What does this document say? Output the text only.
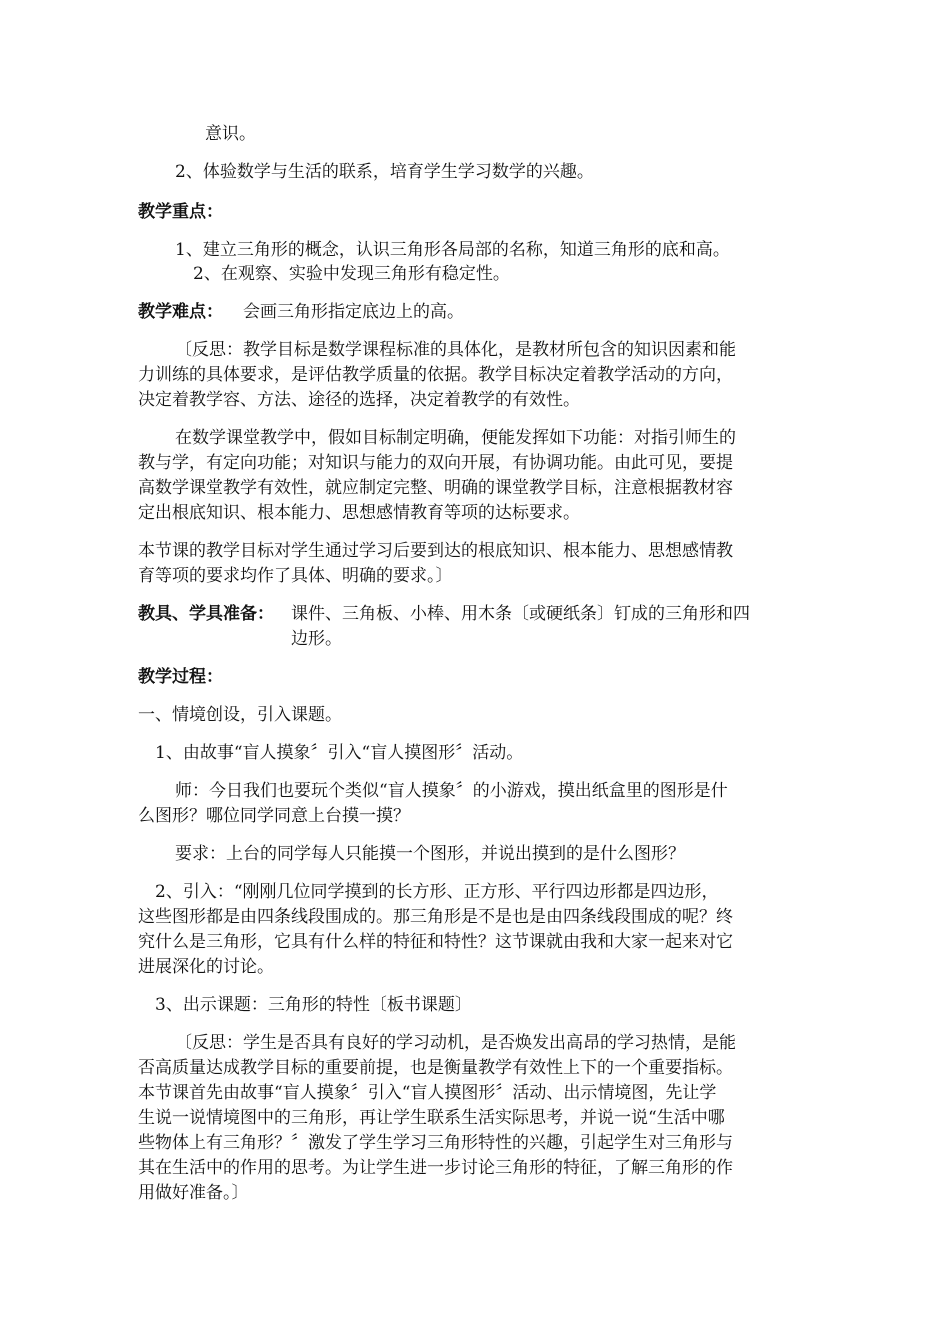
意识。
2、体验数学与生活的联系，培育学生学习数学的兴趣。
教学重点：
1、建立三角形的概念，认识三角形各局部的名称，知道三角形的底和高。
2、在观察、实验中发现三角形有稳定性。
教学难点： 会画三角形指定底边上的高。
〔反思：教学目标是数学课程标准的具体化，是教材所包含的知识因素和能
力训练的具体要求，是评估教学质量的依据。教学目标决定着教学活动的方向，
决定着教学容、方法、途径的选择，决定着教学的有效性。
在数学课堂教学中，假如目标制定明确，便能发挥如下功能：对指引师生的
教与学，有定向功能；对知识与能力的双向开展，有协调功能。由此可见，要提
高数学课堂教学有效性，就应制定完整、明确的课堂教学目标，注意根据教材容
定出根底知识、根本能力、思想感情教育等项的达标要求。
本节课的教学目标对学生通过学习后要到达的根底知识、根本能力、思想感情教
育等项的要求均作了具体、明确的要求。〕
教具、学具准备： 课件、三角板、小棒、用木条〔或硬纸条〕钉成的三角形和四
边形。
教学过程：
一、情境创设，引入课题。
1、由故事“盲人摸象〞引入“盲人摸图形〞活动。
师：今日我们也要玩个类似“盲人摸象〞的小游戏，摸出纸盒里的图形是什
么图形？哪位同学同意上台摸一摸？
要求：上台的同学每人只能摸一个图形，并说出摸到的是什么图形？
2、引入：“刚刚几位同学摸到的长方形、正方形、平行四边形都是四边形，
这些图形都是由四条线段围成的。那三角形是不是也是由四条线段围成的呢？终
究什么是三角形，它具有什么样的特征和特性？这节课就由我和大家一起来对它
进展深化的讨论。
3、出示课题：三角形的特性〔板书课题〕
〔反思：学生是否具有良好的学习动机，是否焕发出高昂的学习热情，是能
否高质量达成教学目标的重要前提，也是衡量教学有效性上下的一个重要指标。
本节课首先由故事“盲人摸象〞引入“盲人摸图形〞活动、出示情境图，先让学
生说一说情境图中的三角形，再让学生联系生活实际思考，并说一说“生活中哪
些物体上有三角形？〞激发了学生学习三角形特性的兴趣，引起学生对三角形与
其在生活中的作用的思考。为让学生进一步讨论三角形的特征，了解三角形的作
用做好准备。〕
